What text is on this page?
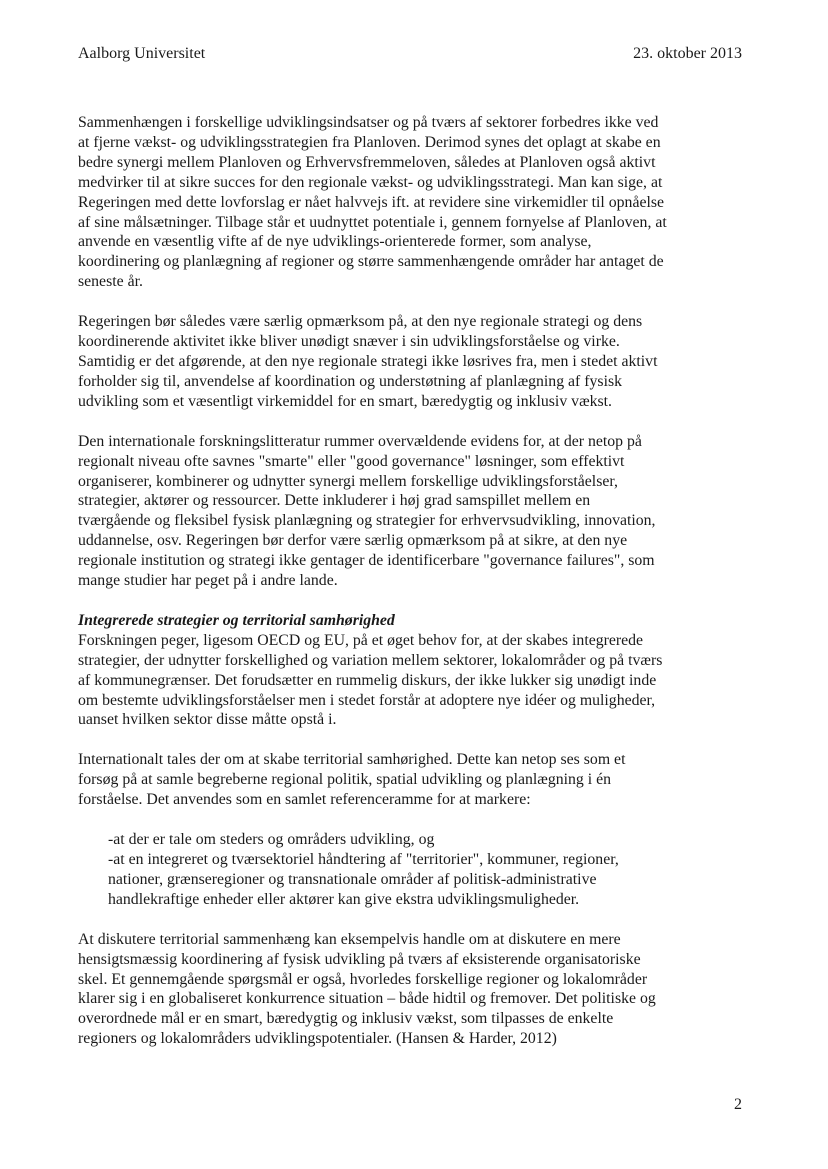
Aalborg Universitet	23. oktober 2013

Sammenhængen i forskellige udviklingsindsatser og på tværs af sektorer forbedres ikke ved
at fjerne vækst- og udviklingsstrategien fra Planloven. Derimod synes det oplagt at skabe en
bedre synergi mellem Planloven og Erhvervsfremmeloven, således at Planloven også aktivt
medvirker til at sikre succes for den regionale vækst- og udviklingsstrategi. Man kan sige, at
Regeringen med dette lovforslag er nået halvvejs ift. at revidere sine virkemidler til opnåelse
af sine målsætninger. Tilbage står et uudnyttet potentiale i, gennem fornyelse af Planloven, at
anvende en væsentlig vifte af de nye udviklings-orienterede former, som analyse,
koordinering og planlægning af regioner og større sammenhængende områder har antaget de
seneste år.

Regeringen bør således være særlig opmærksom på, at den nye regionale strategi og dens
koordinerende aktivitet ikke bliver unødigt snæver i sin udviklingsforståelse og virke.
Samtidig er det afgørende, at den nye regionale strategi ikke løsrives fra, men i stedet aktivt
forholder sig til, anvendelse af koordination og understøtning af planlægning af fysisk
udvikling som et væsentligt virkemiddel for en smart, bæredygtig og inklusiv vækst.

Den internationale forskningslitteratur rummer overvældende evidens for, at der netop på
regionalt niveau ofte savnes "smarte" eller "good governance" løsninger, som effektivt
organiserer, kombinerer og udnytter synergi mellem forskellige udviklingsforståelser,
strategier, aktører og ressourcer. Dette inkluderer i høj grad samspillet mellem en
tværgående og fleksibel fysisk planlægning og strategier for erhvervsudvikling, innovation,
uddannelse, osv. Regeringen bør derfor være særlig opmærksom på at sikre, at den nye
regionale institution og strategi ikke gentager de identificerbare "governance failures", som
mange studier har peget på i andre lande.

Integrerede strategier og territorial samhørighed

Forskningen peger, ligesom OECD og EU, på et øget behov for, at der skabes integrerede
strategier, der udnytter forskellighed og variation mellem sektorer, lokalområder og på tværs
af kommunegrænser. Det forudsætter en rummelig diskurs, der ikke lukker sig unødigt inde
om bestemte udviklingsforståelser men i stedet forstår at adoptere nye idéer og muligheder,
uanset hvilken sektor disse måtte opstå i.

Internationalt tales der om at skabe territorial samhørighed. Dette kan netop ses som et
forsøg på at samle begreberne regional politik, spatial udvikling og planlægning i én
forståelse. Det anvendes som en samlet referenceramme for at markere:

-at der er tale om steders og områders udvikling, og
-at en integreret og tværsektoriel håndtering af "territorier", kommuner, regioner,
nationer, grænseregioner og transnationale områder af politisk-administrative
handlekraftige enheder eller aktører kan give ekstra udviklingsmuligheder.

At diskutere territorial sammenhæng kan eksempelvis handle om at diskutere en mere
hensigtsmæssig koordinering af fysisk udvikling på tværs af eksisterende organisatoriske
skel. Et gennemgående spørgsmål er også, hvorledes forskellige regioner og lokalområder
klarer sig i en globaliseret konkurrence situation – både hidtil og fremover. Det politiske og
overordnede mål er en smart, bæredygtig og inklusiv vækst, som tilpasses de enkelte
regioners og lokalområders udviklingspotentialer. (Hansen & Harder, 2012)

2
